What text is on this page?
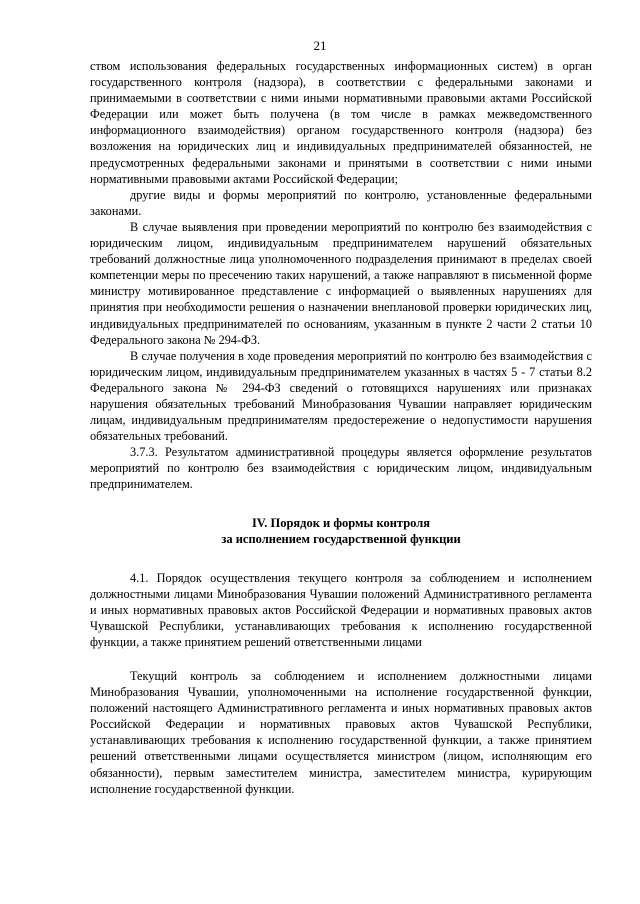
21

ством использования федеральных государственных информационных систем) в орган государственного контроля (надзора), в соответствии с федеральными законами и принимаемыми в соответствии с ними иными нормативными правовыми актами Российской Федерации или может быть получена (в том числе в рамках межведомственного информационного взаимодействия) органом государственного контроля (надзора) без возложения на юридических лиц и индивидуальных предпринимателей обязанностей, не предусмотренных федеральными законами и принятыми в соответствии с ними иными нормативными правовыми актами Российской Федерации;

другие виды и формы мероприятий по контролю, установленные федеральными законами.

В случае выявления при проведении мероприятий по контролю без взаимодействия с юридическим лицом, индивидуальным предпринимателем нарушений обязательных требований должностные лица уполномоченного подразделения принимают в пределах своей компетенции меры по пресечению таких нарушений, а также направляют в письменной форме министру мотивированное представление с информацией о выявленных нарушениях для принятия при необходимости решения о назначении внеплановой проверки юридических лиц, индивидуальных предпринимателей по основаниям, указанным в пункте 2 части 2 статьи 10 Федерального закона № 294-ФЗ.

В случае получения в ходе проведения мероприятий по контролю без взаимодействия с юридическим лицом, индивидуальным предпринимателем указанных в частях 5 - 7 статьи 8.2 Федерального закона № 294-ФЗ сведений о готовящихся нарушениях или признаках нарушения обязательных требований Минобразования Чувашии направляет юридическим лицам, индивидуальным предпринимателям предостережение о недопустимости нарушения обязательных требований.

3.7.3. Результатом административной процедуры является оформление результатов мероприятий по контролю без взаимодействия с юридическим лицом, индивидуальным предпринимателем.

IV. Порядок и формы контроля
за исполнением государственной функции

4.1. Порядок осуществления текущего контроля за соблюдением и исполнением должностными лицами Минобразования Чувашии положений Административного регламента и иных нормативных правовых актов Российской Федерации и нормативных правовых актов Чувашской Республики, устанавливающих требования к исполнению государственной функции, а также принятием решений ответственными лицами

Текущий контроль за соблюдением и исполнением должностными лицами Минобразования Чувашии, уполномоченными на исполнение государственной функции, положений настоящего Административного регламента и иных нормативных правовых актов Российской Федерации и нормативных правовых актов Чувашской Республики, устанавливающих требования к исполнению государственной функции, а также принятием решений ответственными лицами осуществляется министром (лицом, исполняющим его обязанности), первым заместителем министра, заместителем министра, курирующим исполнение государственной функции.
